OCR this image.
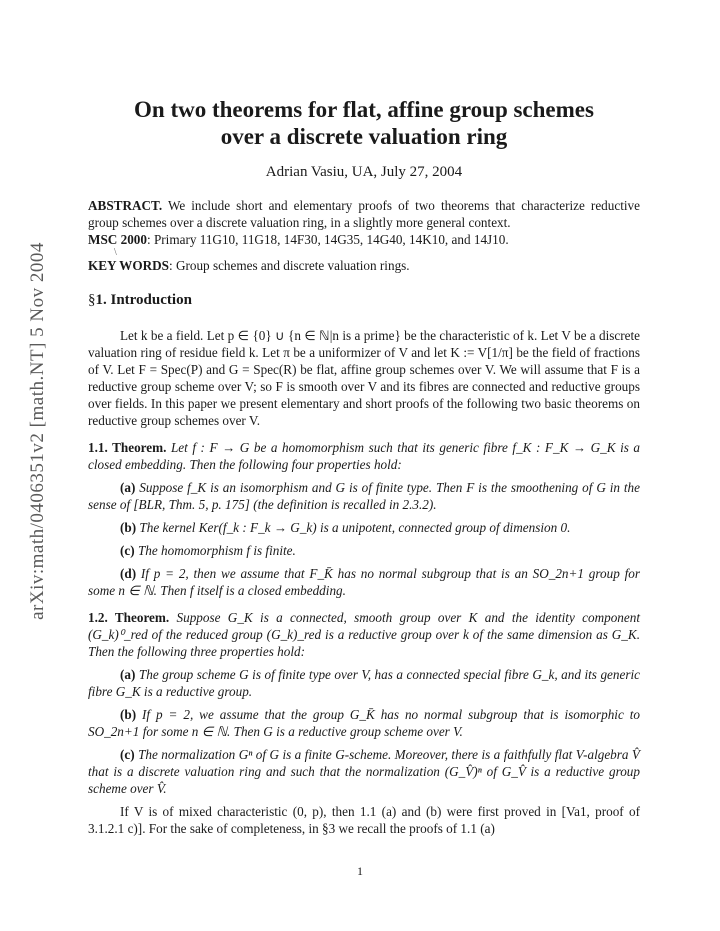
arXiv:math/0406351v2 [math.NT] 5 Nov 2004
On two theorems for flat, affine group schemes
over a discrete valuation ring
Adrian Vasiu, UA, July 27, 2004

ABSTRACT. We include short and elementary proofs of two theorems that characterize reductive group schemes over a discrete valuation ring, in a slightly more general context.

MSC 2000: Primary 11G10, 11G18, 14F30, 14G35, 14G40, 14K10, and 14J10.

\

KEY WORDS: Group schemes and discrete valuation rings.

§1. Introduction

Let k be a field. Let p ∈ {0} ∪ {n ∈ ℕ|n is a prime} be the characteristic of k. Let V be a discrete valuation ring of residue field k. Let π be a uniformizer of V and let K := V[1/π] be the field of fractions of V. Let F = Spec(P) and G = Spec(R) be flat, affine group schemes over V. We will assume that F is a reductive group scheme over V; so F is smooth over V and its fibres are connected and reductive groups over fields. In this paper we present elementary and short proofs of the following two basic theorems on reductive group schemes over V.

1.1. Theorem. Let f : F → G be a homomorphism such that its generic fibre f_K : F_K → G_K is a closed embedding. Then the following four properties hold:

(a) Suppose f_K is an isomorphism and G is of finite type. Then F is the smoothening of G in the sense of [BLR, Thm. 5, p. 175] (the definition is recalled in 2.3.2).

(b) The kernel Ker(f_k : F_k → G_k) is a unipotent, connected group of dimension 0.

(c) The homomorphism f is finite.

(d) If p = 2, then we assume that F_K̄ has no normal subgroup that is an SO_2n+1 group for some n ∈ ℕ. Then f itself is a closed embedding.

1.2. Theorem. Suppose G_K is a connected, smooth group over K and the identity component (G_k)⁰_red of the reduced group (G_k)_red is a reductive group over k of the same dimension as G_K. Then the following three properties hold:

(a) The group scheme G is of finite type over V, has a connected special fibre G_k, and its generic fibre G_K is a reductive group.

(b) If p = 2, we assume that the group G_K̄ has no normal subgroup that is isomorphic to SO_2n+1 for some n ∈ ℕ. Then G is a reductive group scheme over V.

(c) The normalization Gⁿ of G is a finite G-scheme. Moreover, there is a faithfully flat V-algebra V̂ that is a discrete valuation ring and such that the normalization (G_V̂)ⁿ of G_V̂ is a reductive group scheme over V̂.

If V is of mixed characteristic (0, p), then 1.1 (a) and (b) were first proved in [Va1, proof of 3.1.2.1 c)]. For the sake of completeness, in §3 we recall the proofs of 1.1 (a)

1
